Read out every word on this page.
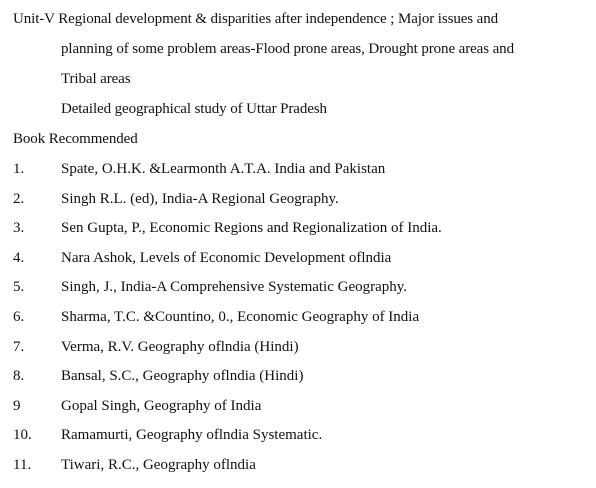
Unit-V Regional development & disparities after independence ; Major issues and
planning of some problem areas-Flood prone areas, Drought prone areas and
Tribal areas
Detailed geographical study of Uttar Pradesh
Book Recommended
1. Spate, O.H.K. &Learmonth A.T.A. India and Pakistan
2. Singh R.L. (ed), India-A Regional Geography.
3. Sen Gupta, P., Economic Regions and Regionalization of India.
4. Nara Ashok, Levels of Economic Development oflndia
5. Singh, J., India-A Comprehensive Systematic Geography.
6. Sharma, T.C. &Countino, 0., Economic Geography of India
7. Verma, R.V. Geography oflndia (Hindi)
8. Bansal, S.C., Geography oflndia (Hindi)
9	Gopal Singh, Geography of India
10. Ramamurti, Geography oflndia Systematic.
11. Tiwari, R.C., Geography oflndia
